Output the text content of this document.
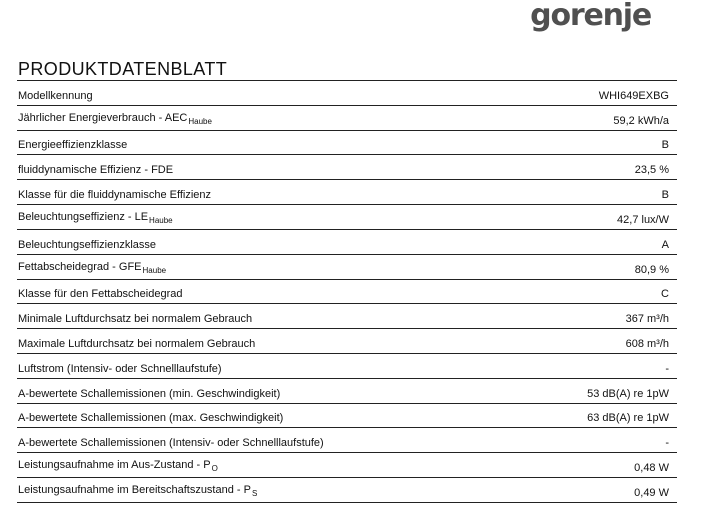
gorenje
PRODUKTDATENBLATT
Modellkennung	WHI649EXBG
Jährlicher Energieverbrauch - $AEC_{Haube}$	59,2 kWh/a
Energieeffizienzklasse	B
fluiddynamische Effizienz - FDE	23,5 %
Klasse für die fluiddynamische Effizienz	B
Beleuchtungseffizienz - $LE_{Haube}$	42,7 lux/W
Beleuchtungseffizienzklasse	A
Fettabscheidegrad - $GFE_{Haube}$	80,9 %
Klasse für den Fettabscheidegrad	C
Minimale Luftdurchsatz bei normalem Gebrauch	367 m³/h
Maximale Luftdurchsatz bei normalem Gebrauch	608 m³/h
Luftstrom (Intensiv- oder Schnelllaufstufe)	-
A-bewertete Schallemissionen (min. Geschwindigkeit)	53 dB(A) re 1pW
A-bewertete Schallemissionen (max. Geschwindigkeit)	63 dB(A) re 1pW
A-bewertete Schallemissionen (Intensiv- oder Schnelllaufstufe)	-
Leistungsaufnahme im $Aus-Zustand - P_O$	0,48 W
Leistungsaufnahme im Bereitschaftszustand - $P_S$	0,49 W
